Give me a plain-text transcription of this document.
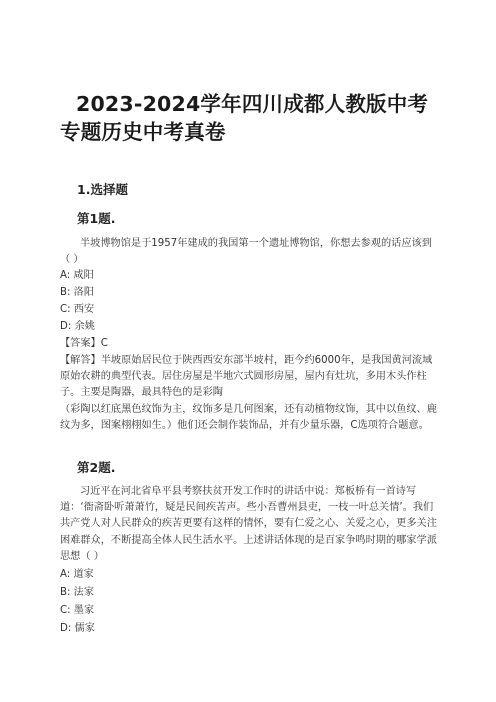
2023-2024学年四川成都人教版中考专题历史中考真卷
1.选择题
第1题.
半坡博物馆是于1957年建成的我国第一个遗址博物馆，你想去参观的话应该到（ ）
A: 咸阳
B: 洛阳
C: 西安
D: 余姚
【答案】C
【解答】半坡原始居民位于陕西西安东部半坡村，距今约6000年，是我国黄河流域原始农耕的典型代表。居住房屋是半地穴式圆形房屋，屋内有灶坑，多用木头作柱子。主要是陶器，最具特色的是彩陶
（彩陶以红底黑色纹饰为主，纹饰多是几何图案，还有动植物纹饰，其中以鱼纹、鹿纹为多，图案栩栩如生。）他们还会制作装饰品，并有少量乐器，C选项符合题意。
第2题.
习近平在河北省阜平县考察扶贫开发工作时的讲话中说：郑板桥有一首诗写道：‘衙斋卧听萧萧竹，疑是民间疾苦声。些小吾曹州县吏，一枝一叶总关情’。我们共产党人对人民群众的疾苦更要有这样的情怀，要有仁爱之心、关爱之心，更多关注困难群众，不断提高全体人民生活水平。上述讲话体现的是百家争鸣时期的哪家学派思想（ ）
A: 道家
B: 法家
C: 墨家
D: 儒家
